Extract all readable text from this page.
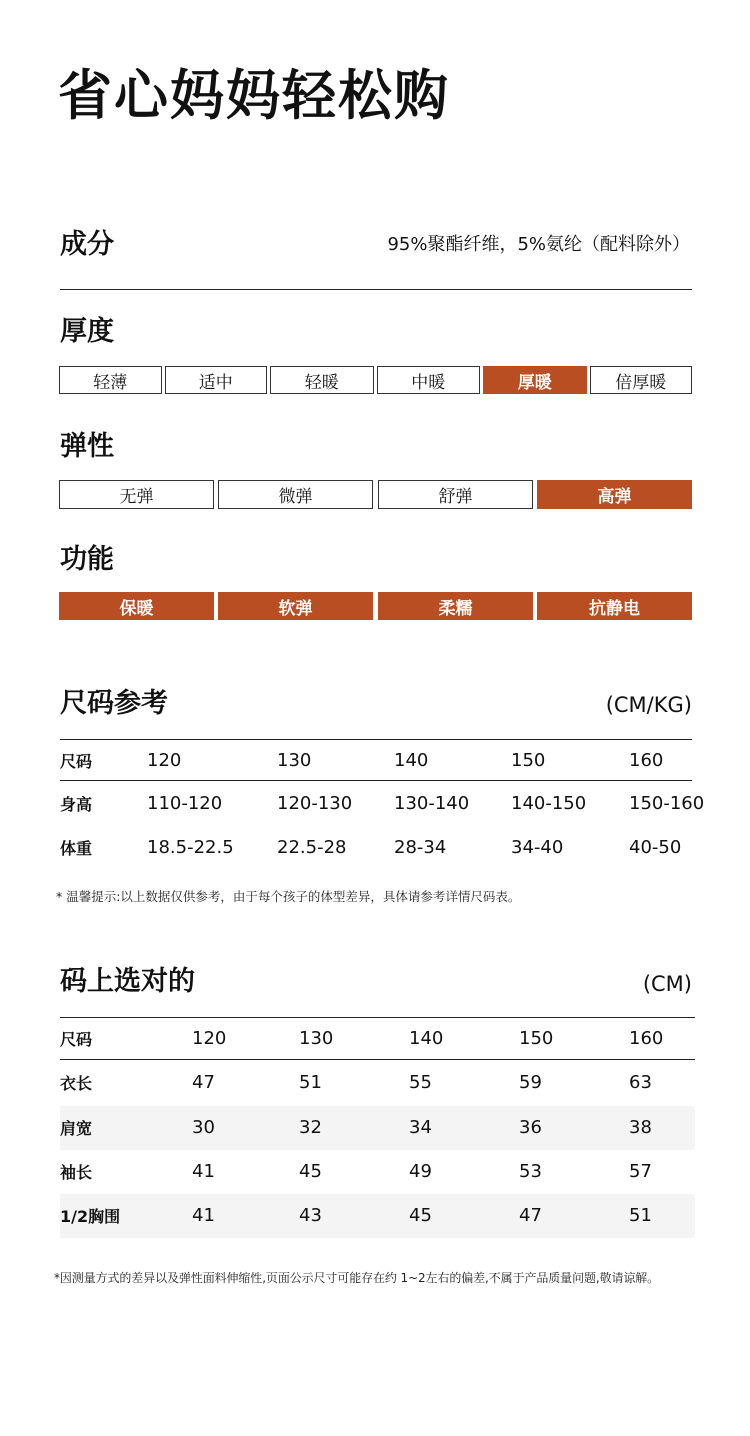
省心妈妈轻松购
成分	95%聚酯纤维，5%氨纶（配料除外）
厚度
轻薄	适中	轻暖	中暖	厚暖	倍厚暖
弹性
无弹	微弹	舒弹	高弹
功能
保暖	软弹	柔糯	抗静电
尺码参考	(CM/KG)
尺码	120	130	140	150	160
身高	110-120	120-130	130-140	140-150	150-160
体重	18.5-22.5	22.5-28	28-34	34-40	40-50
* 温馨提示:以上数据仅供参考，由于每个孩子的体型差异，具体请参考详情尺码表。
码上选对的	(CM)
尺码	120	130	140	150	160
衣长	47	51	55	59	63
肩宽	30	32	34	36	38
袖长	41	45	49	53	57
1/2胸围	41	43	45	47	51
*因测量方式的差异以及弹性面料伸缩性,页面公示尺寸可能存在约 1~2左右的偏差,不属于产品质量问题,敬请谅解。
